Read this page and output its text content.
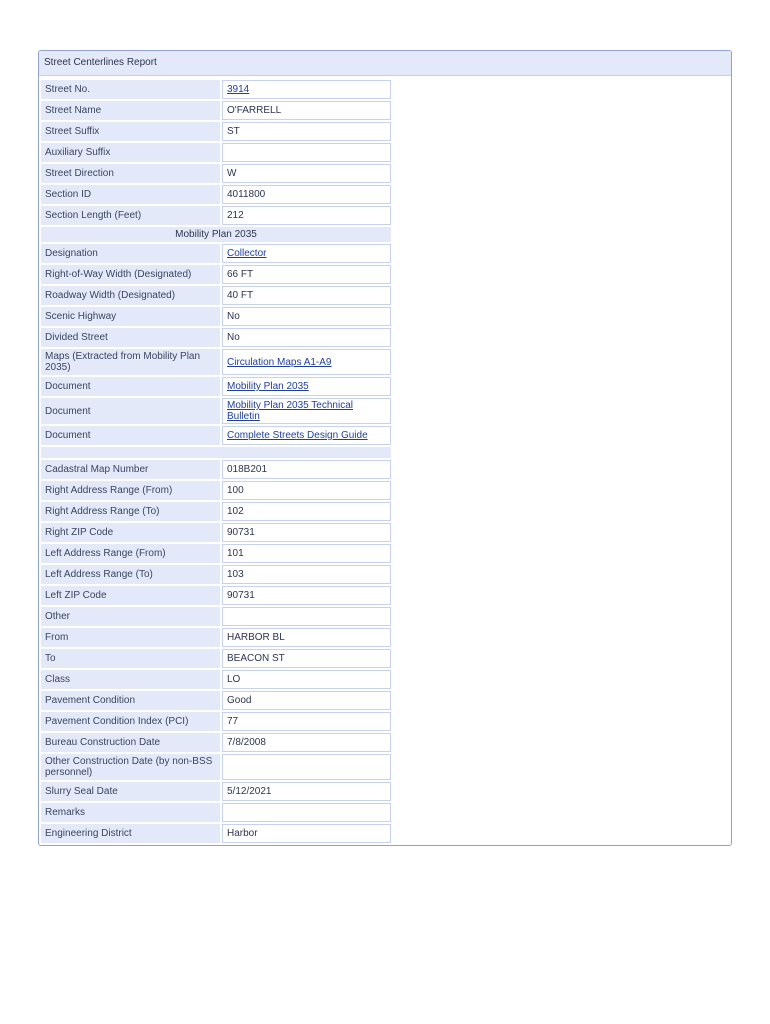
Street Centerlines Report
Street No.	3914
Street Name	O'FARRELL
Street Suffix	ST
Auxiliary Suffix	
Street Direction	W
Section ID	4011800
Section Length (Feet)	212
Mobility Plan 2035	
Designation	Collector
Right-of-Way Width (Designated)	66 FT
Roadway Width (Designated)	40 FT
Scenic Highway	No
Divided Street	No
Maps (Extracted from Mobility Plan 2035)	Circulation Maps A1-A9
Document	Mobility Plan 2035
Document	Mobility Plan 2035 Technical Bulletin
Document	Complete Streets Design Guide

Cadastral Map Number	018B201
Right Address Range (From)	100
Right Address Range (To)	102
Right ZIP Code	90731
Left Address Range (From)	101
Left Address Range (To)	103
Left ZIP Code	90731
Other	
From	HARBOR BL
To	BEACON ST
Class	LO
Pavement Condition	Good
Pavement Condition Index (PCI)	77
Bureau Construction Date	7/8/2008
Other Construction Date (by non-BSS personnel)	
Slurry Seal Date	5/12/2021
Remarks	
Engineering District	Harbor
